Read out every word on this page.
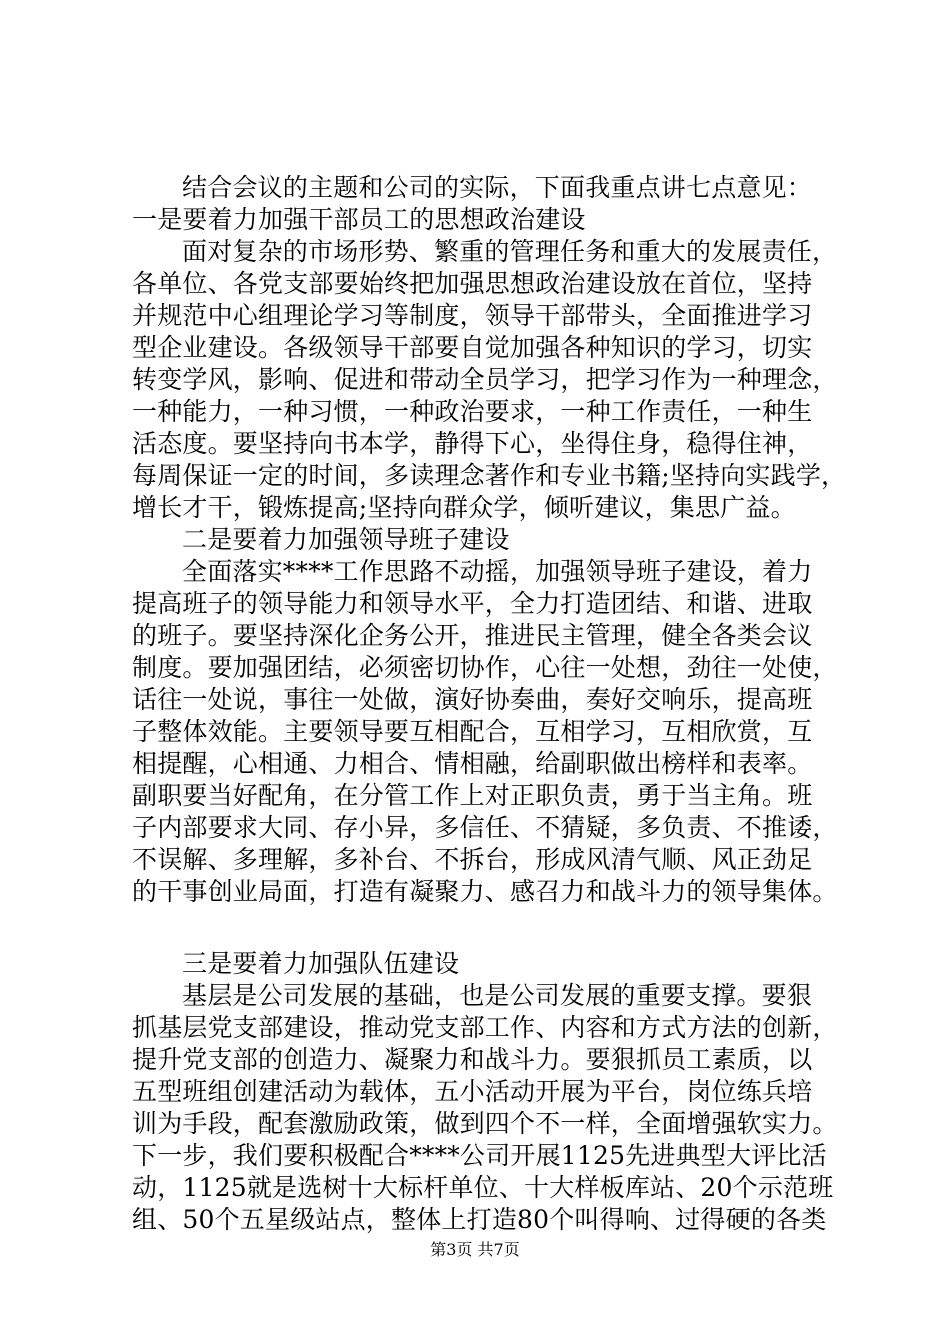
结合会议的主题和公司的实际，下面我重点讲七点意见：
一是要着力加强干部员工的思想政治建设
面对复杂的市场形势、繁重的管理任务和重大的发展责任，
各单位、各党支部要始终把加强思想政治建设放在首位，坚持
并规范中心组理论学习等制度，领导干部带头，全面推进学习
型企业建设。各级领导干部要自觉加强各种知识的学习，切实
转变学风，影响、促进和带动全员学习，把学习作为一种理念，
一种能力，一种习惯，一种政治要求，一种工作责任，一种生
活态度。要坚持向书本学，静得下心，坐得住身，稳得住神，
每周保证一定的时间，多读理念著作和专业书籍;坚持向实践学，
增长才干，锻炼提高;坚持向群众学，倾听建议，集思广益。
二是要着力加强领导班子建设
全面落实****工作思路不动摇，加强领导班子建设，着力
提高班子的领导能力和领导水平，全力打造团结、和谐、进取
的班子。要坚持深化企务公开，推进民主管理，健全各类会议
制度。要加强团结，必须密切协作，心往一处想，劲往一处使，
话往一处说，事往一处做，演好协奏曲，奏好交响乐，提高班
子整体效能。主要领导要互相配合，互相学习，互相欣赏，互
相提醒，心相通、力相合、情相融，给副职做出榜样和表率。
副职要当好配角，在分管工作上对正职负责，勇于当主角。班
子内部要求大同、存小异，多信任、不猜疑，多负责、不推诿，
不误解、多理解，多补台、不拆台，形成风清气顺、风正劲足
的干事创业局面，打造有凝聚力、感召力和战斗力的领导集体。
三是要着力加强队伍建设
基层是公司发展的基础，也是公司发展的重要支撑。要狠
抓基层党支部建设，推动党支部工作、内容和方式方法的创新，
提升党支部的创造力、凝聚力和战斗力。要狠抓员工素质，以
五型班组创建活动为载体，五小活动开展为平台，岗位练兵培
训为手段，配套激励政策，做到四个不一样，全面增强软实力。
下一步，我们要积极配合****公司开展1125先进典型大评比活
动，1125就是选树十大标杆单位、十大样板库站、20个示范班
组、50个五星级站点，整体上打造80个叫得响、过得硬的各类
第3页 共7页
